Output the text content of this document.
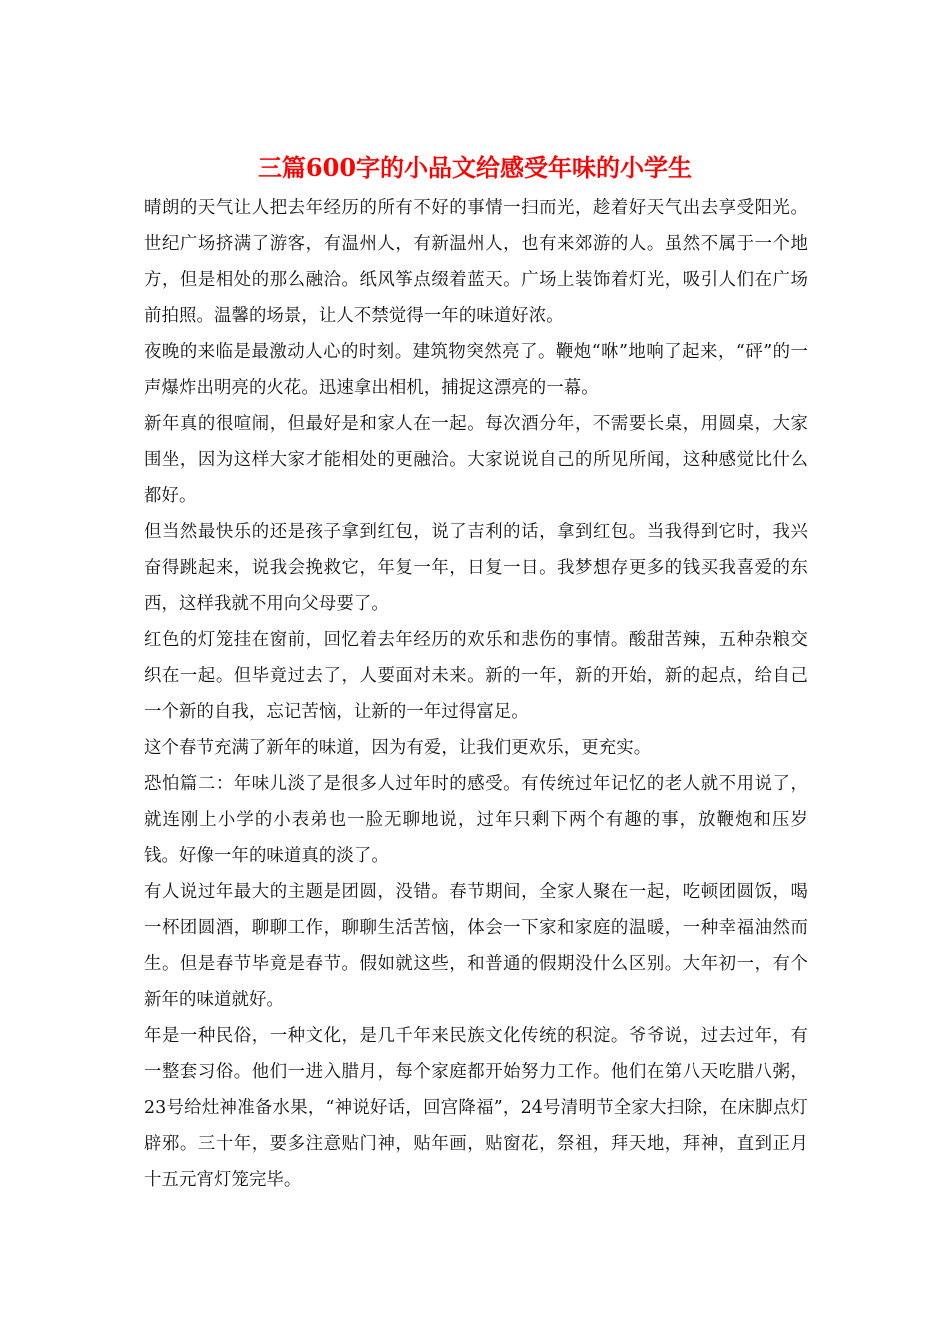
三篇600字的小品文给感受年味的小学生

晴朗的天气让人把去年经历的所有不好的事情一扫而光，趁着好天气出去享受阳光。世纪广场挤满了游客，有温州人，有新温州人，也有来郊游的人。虽然不属于一个地方，但是相处的那么融洽。纸风筝点缀着蓝天。广场上装饰着灯光，吸引人们在广场前拍照。温馨的场景，让人不禁觉得一年的味道好浓。

夜晚的来临是最激动人心的时刻。建筑物突然亮了。鞭炮“咻”地响了起来，“砰”的一声爆炸出明亮的火花。迅速拿出相机，捕捉这漂亮的一幕。

新年真的很喧闹，但最好是和家人在一起。每次酒分年，不需要长桌，用圆桌，大家围坐，因为这样大家才能相处的更融洽。大家说说自己的所见所闻，这种感觉比什么都好。

但当然最快乐的还是孩子拿到红包，说了吉利的话，拿到红包。当我得到它时，我兴奋得跳起来，说我会挽救它，年复一年，日复一日。我梦想存更多的钱买我喜爱的东西，这样我就不用向父母要了。

红色的灯笼挂在窗前，回忆着去年经历的欢乐和悲伤的事情。酸甜苦辣，五种杂粮交织在一起。但毕竟过去了，人要面对未来。新的一年，新的开始，新的起点，给自己一个新的自我，忘记苦恼，让新的一年过得富足。

这个春节充满了新年的味道，因为有爱，让我们更欢乐，更充实。

恐怕篇二：年味儿淡了是很多人过年时的感受。有传统过年记忆的老人就不用说了，就连刚上小学的小表弟也一脸无聊地说，过年只剩下两个有趣的事，放鞭炮和压岁钱。好像一年的味道真的淡了。

有人说过年最大的主题是团圆，没错。春节期间，全家人聚在一起，吃顿团圆饭，喝一杯团圆酒，聊聊工作，聊聊生活苦恼，体会一下家和家庭的温暖，一种幸福油然而生。但是春节毕竟是春节。假如就这些，和普通的假期没什么区别。大年初一，有个新年的味道就好。

年是一种民俗，一种文化，是几千年来民族文化传统的积淀。爷爷说，过去过年，有一整套习俗。他们一进入腊月，每个家庭都开始努力工作。他们在第八天吃腊八粥，23号给灶神准备水果，“神说好话，回宫降福”，24号清明节全家大扫除，在床脚点灯辟邪。三十年，要多注意贴门神，贴年画，贴窗花，祭祖，拜天地，拜神，直到正月十五元宵灯笼完毕。
